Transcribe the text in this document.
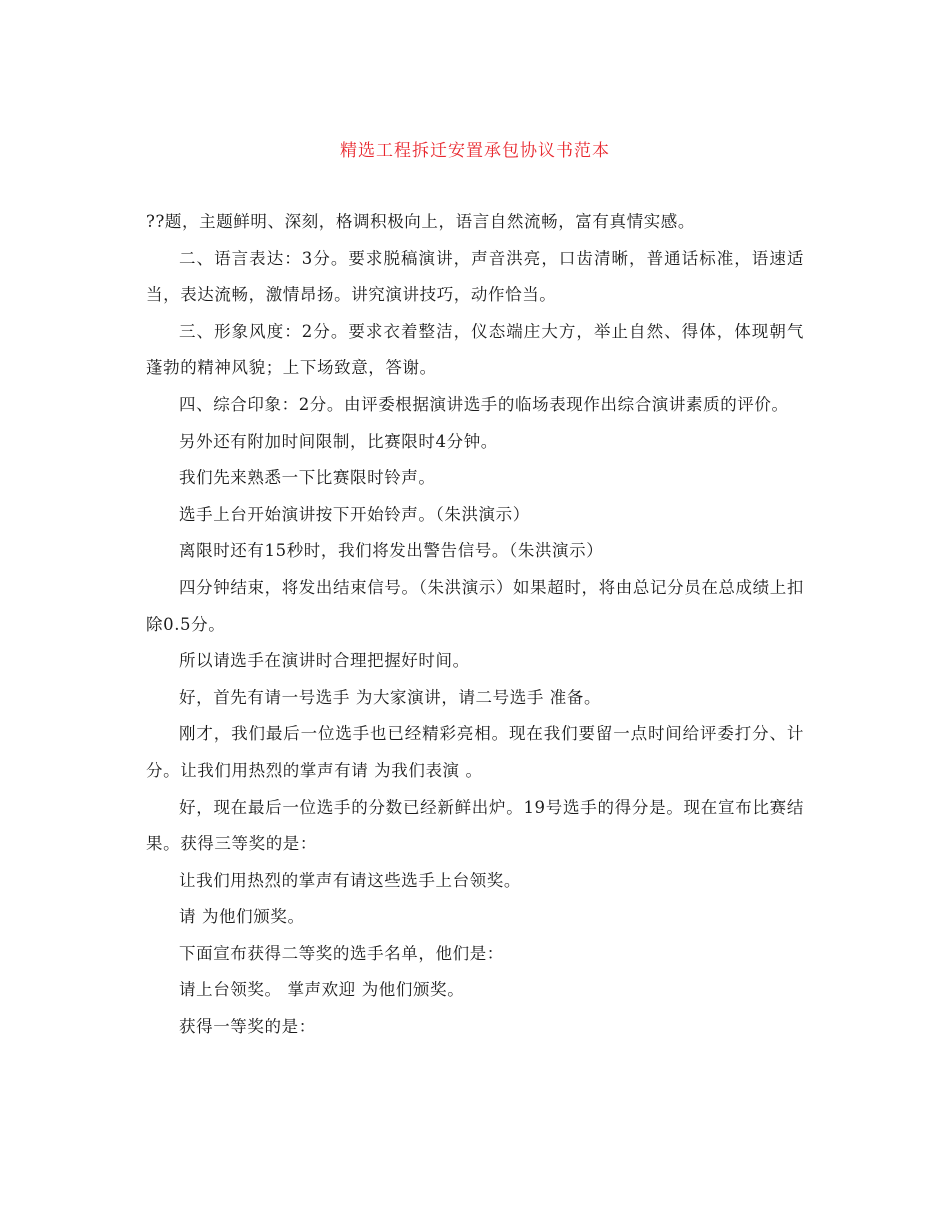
精选工程拆迁安置承包协议书范本

??题，主题鲜明、深刻，格调积极向上，语言自然流畅，富有真情实感。

二、语言表达：3分。要求脱稿演讲，声音洪亮，口齿清晰，普通话标准，语速适当，表达流畅，激情昂扬。讲究演讲技巧，动作恰当。

三、形象风度：2分。要求衣着整洁，仪态端庄大方，举止自然、得体，体现朝气蓬勃的精神风貌；上下场致意，答谢。

四、综合印象：2分。由评委根据演讲选手的临场表现作出综合演讲素质的评价。

另外还有附加时间限制，比赛限时4分钟。

我们先来熟悉一下比赛限时铃声。

选手上台开始演讲按下开始铃声。（朱洪演示）

离限时还有15秒时，我们将发出警告信号。（朱洪演示）

四分钟结束，将发出结束信号。（朱洪演示）如果超时，将由总记分员在总成绩上扣除0.5分。

所以请选手在演讲时合理把握好时间。

好，首先有请一号选手 为大家演讲，请二号选手 准备。

刚才，我们最后一位选手也已经精彩亮相。现在我们要留一点时间给评委打分、计分。让我们用热烈的掌声有请 为我们表演 。

好，现在最后一位选手的分数已经新鲜出炉。19号选手的得分是。现在宣布比赛结果。获得三等奖的是：

让我们用热烈的掌声有请这些选手上台领奖。

请 为他们颁奖。

下面宣布获得二等奖的选手名单，他们是：

请上台领奖。 掌声欢迎 为他们颁奖。

获得一等奖的是：
